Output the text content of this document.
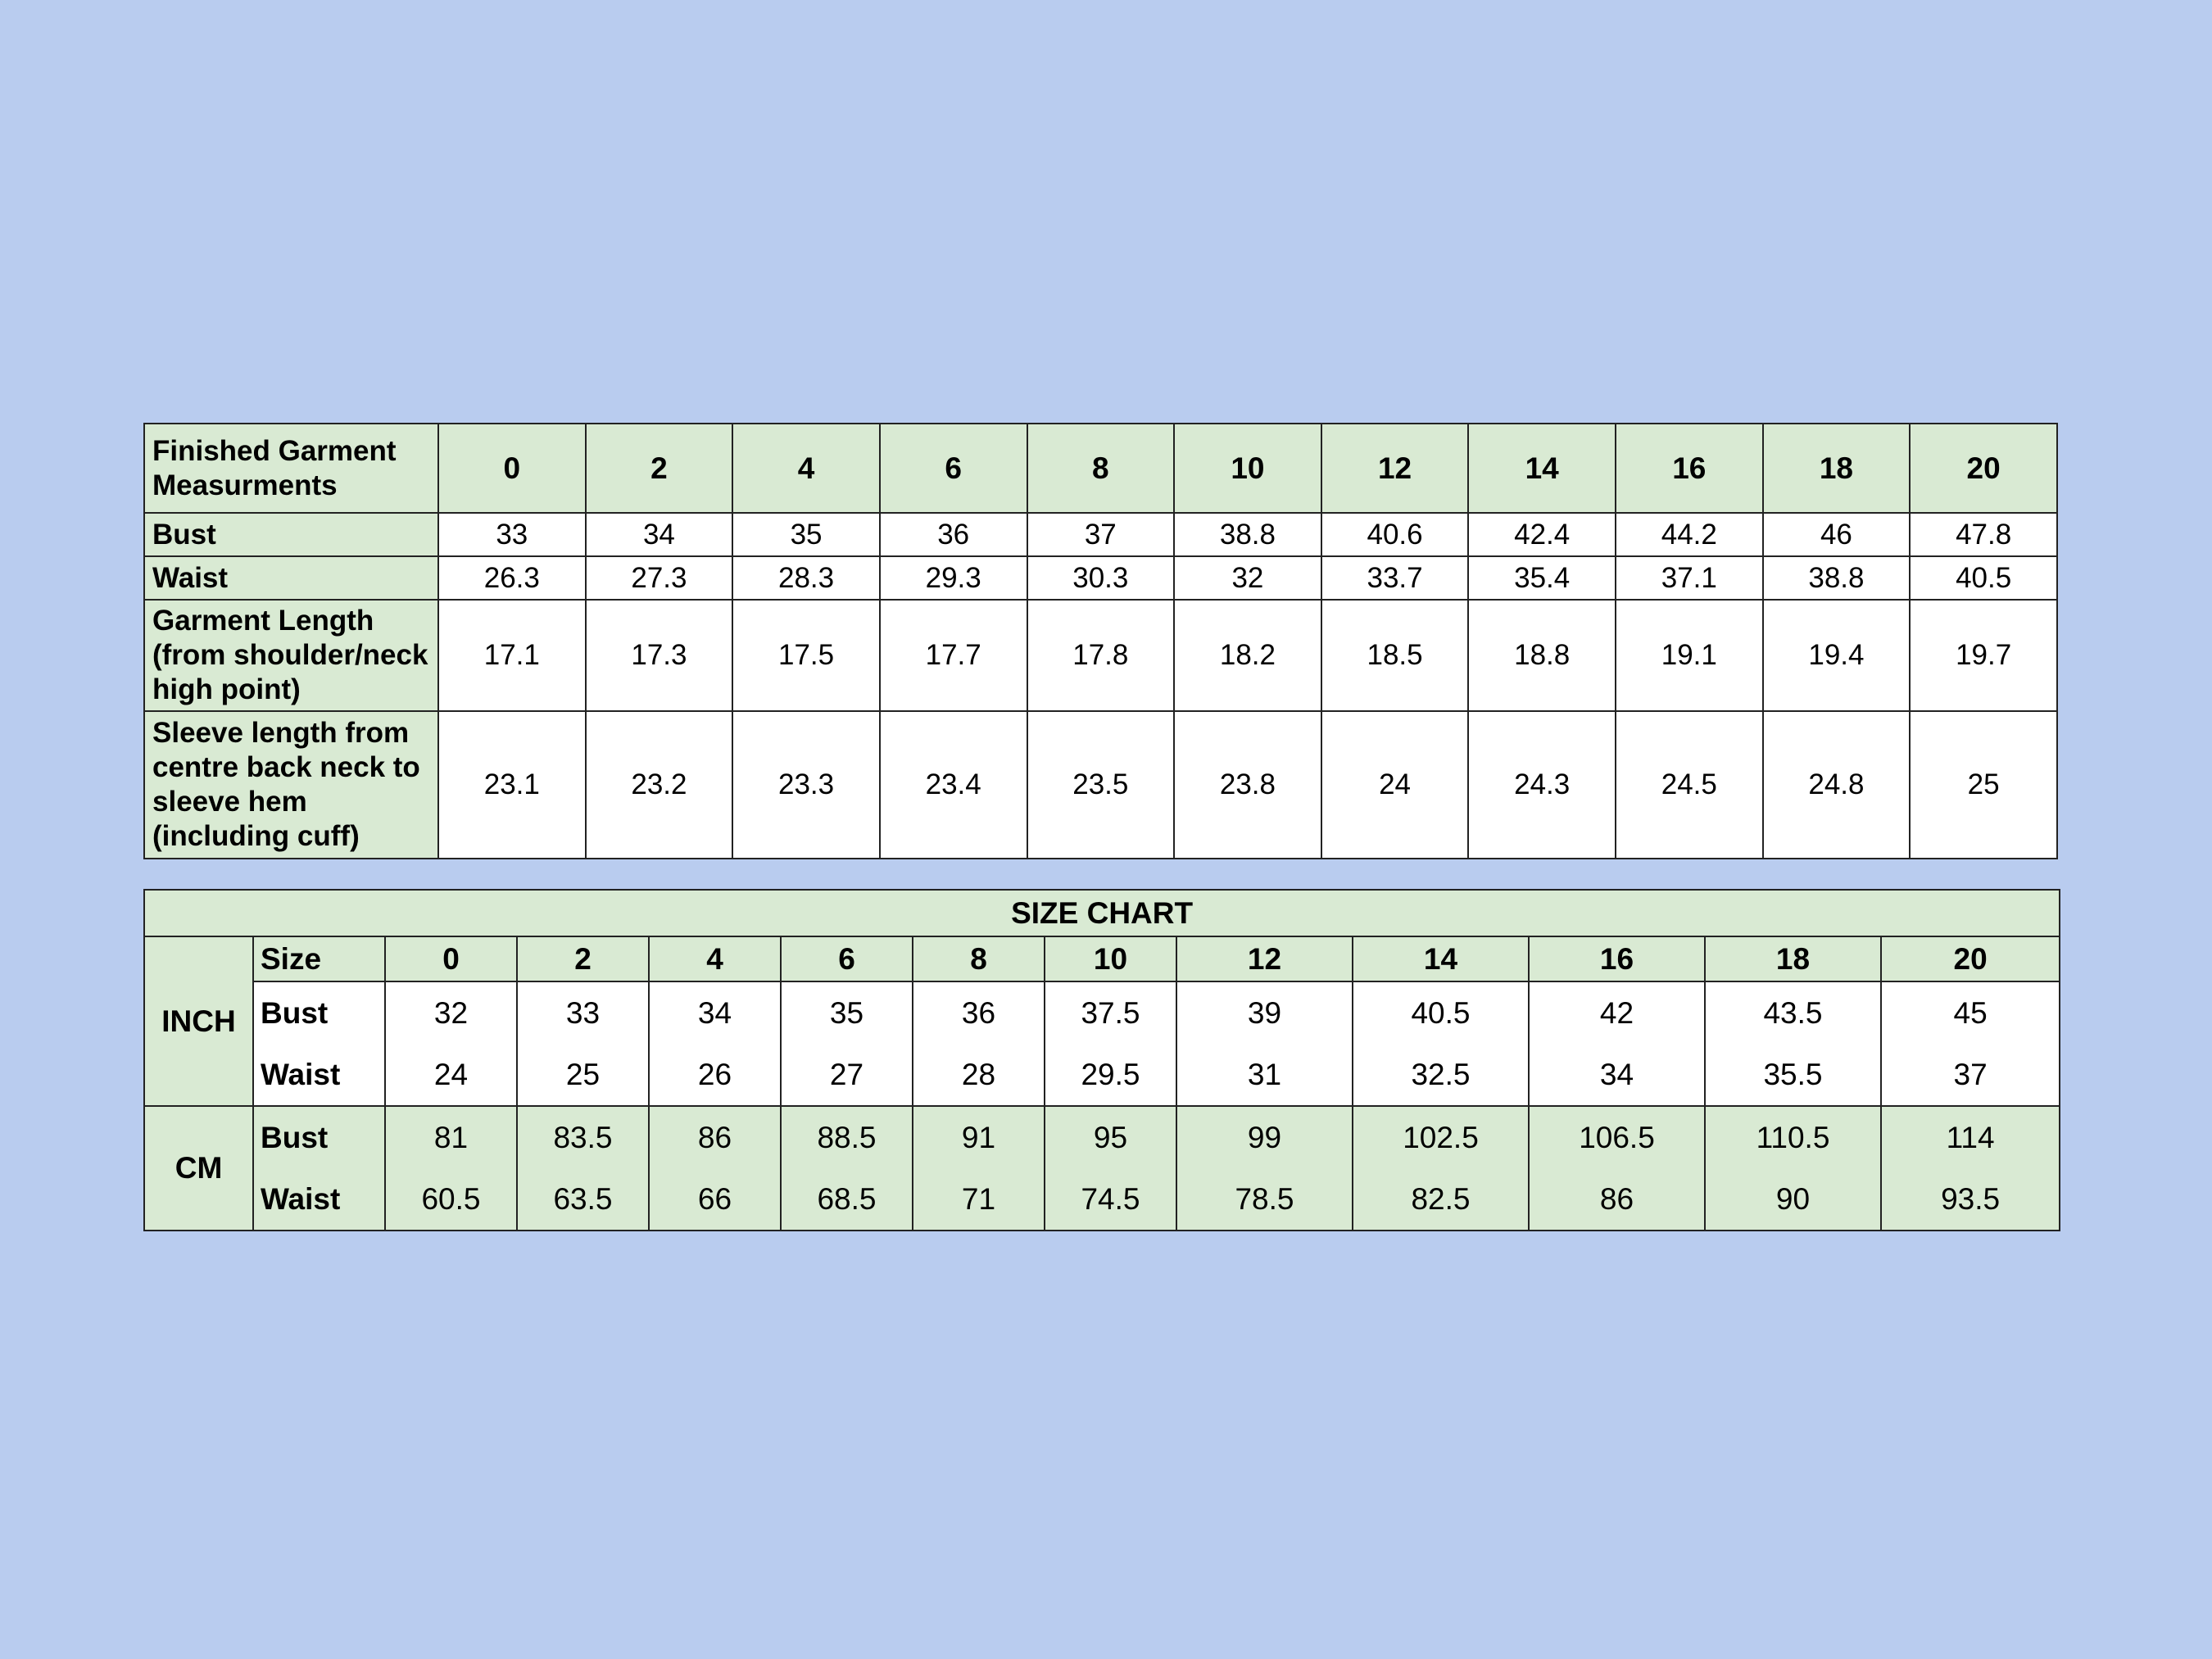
Finished Garment Measurments	0	2	4	6	8	10	12	14	16	18	20
Bust	33	34	35	36	37	38.8	40.6	42.4	44.2	46	47.8
Waist	26.3	27.3	28.3	29.3	30.3	32	33.7	35.4	37.1	38.8	40.5
Garment Length (from shoulder/neck high point)	17.1	17.3	17.5	17.7	17.8	18.2	18.5	18.8	19.1	19.4	19.7
Sleeve length from centre back neck to sleeve hem (including cuff)	23.1	23.2	23.3	23.4	23.5	23.8	24	24.3	24.5	24.8	25
SIZE CHART												
INCH	Size	0	2	4	6	8	10	12	14	16	18	20
	Bust	32	33	34	35	36	37.5	39	40.5	42	43.5	45
	Waist	24	25	26	27	28	29.5	31	32.5	34	35.5	37
CM	Bust	81	83.5	86	88.5	91	95	99	102.5	106.5	110.5	114
	Waist	60.5	63.5	66	68.5	71	74.5	78.5	82.5	86	90	93.5
